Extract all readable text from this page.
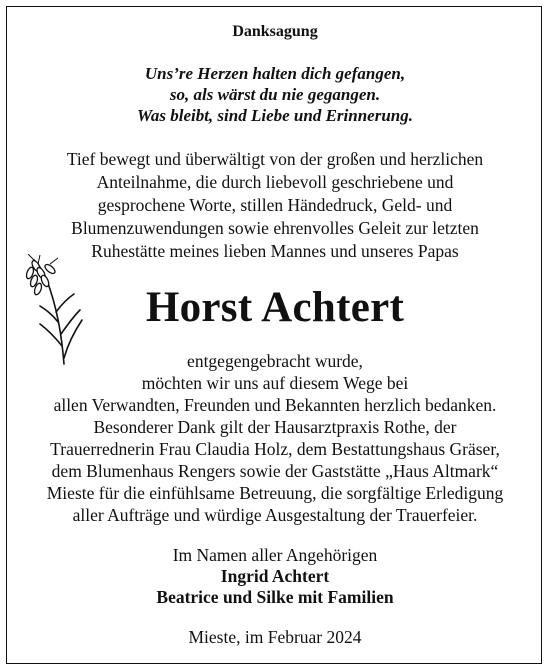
Danksagung
Uns’re Herzen halten dich gefangen,
so, als wärst du nie gegangen.
Was bleibt, sind Liebe und Erinnerung.
Tief bewegt und überwältigt von der großen und herzlichen
Anteilnahme, die durch liebevoll geschriebene und
gesprochene Worte, stillen Händedruck, Geld- und
Blumenzuwendungen sowie ehrenvolles Geleit zur letzten
Ruhestätte meines lieben Mannes und unseres Papas
Horst Achtert
entgegengebracht wurde,
möchten wir uns auf diesem Wege bei
allen Verwandten, Freunden und Bekannten herzlich bedanken.
Besonderer Dank gilt der Hausarztpraxis Rothe, der
Trauerrednerin Frau Claudia Holz, dem Bestattungshaus Gräser,
dem Blumenhaus Rengers sowie der Gaststätte „Haus Altmark“
Mieste für die einfühlsame Betreuung, die sorgfältige Erledigung
aller Aufträge und würdige Ausgestaltung der Trauerfeier.
Im Namen aller Angehörigen
Ingrid Achtert
Beatrice und Silke mit Familien
Mieste, im Februar 2024
